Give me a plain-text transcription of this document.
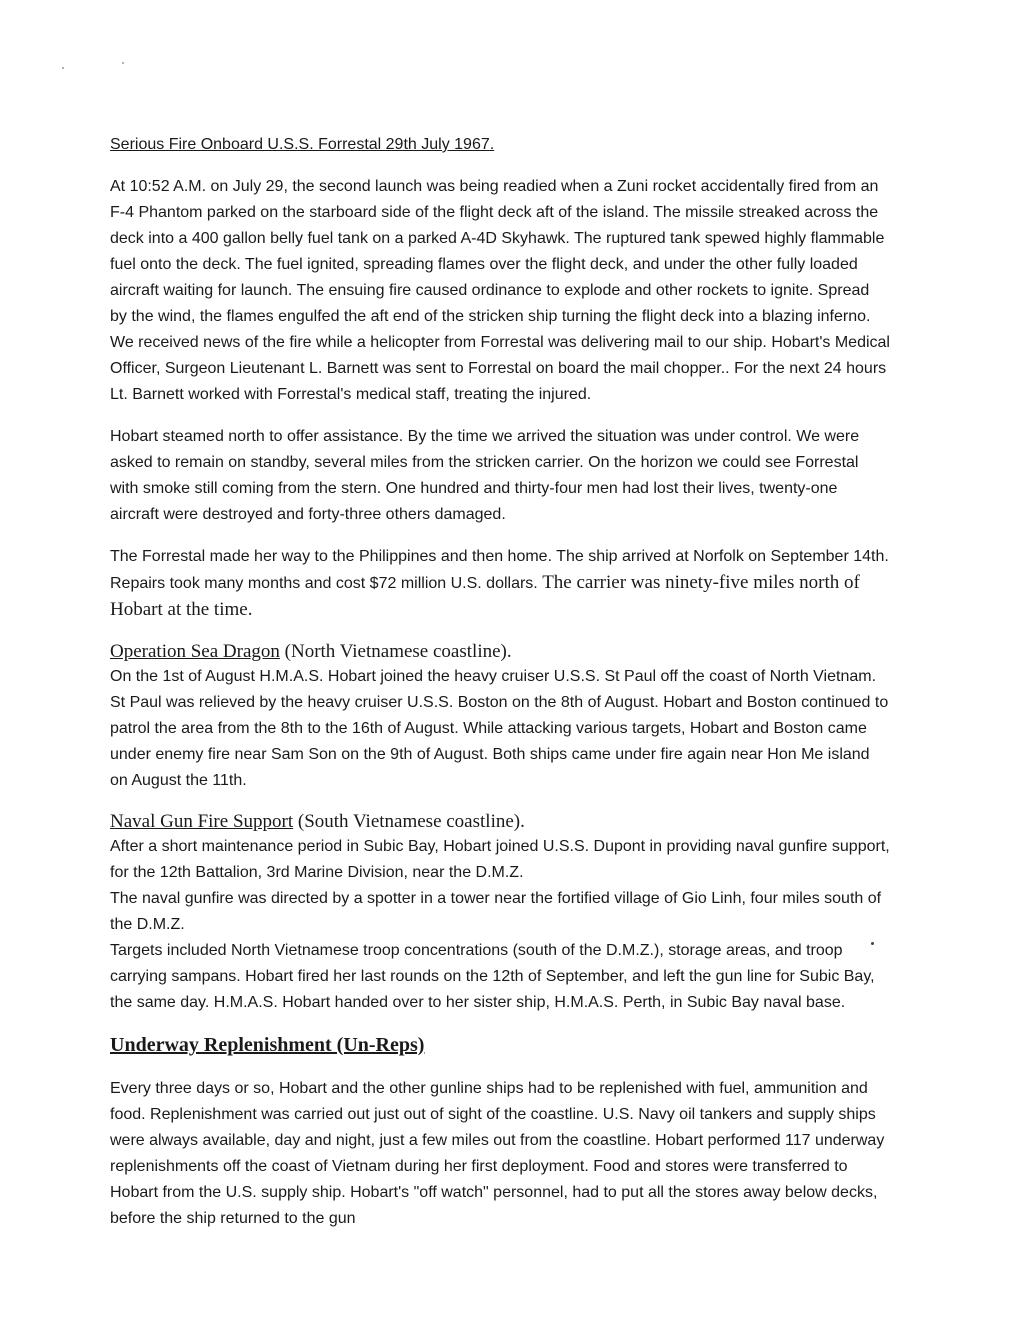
Serious Fire Onboard U.S.S. Forrestal 29th July 1967.

At 10:52 A.M. on July 29, the second launch was being readied when a Zuni rocket accidentally fired from an F-4 Phantom parked on the starboard side of the flight deck aft of the island. The missile streaked across the deck into a 400 gallon belly fuel tank on a parked A-4D Skyhawk. The ruptured tank spewed highly flammable fuel onto the deck. The fuel ignited, spreading flames over the flight deck, and under the other fully loaded aircraft waiting for launch. The ensuing fire caused ordinance to explode and other rockets to ignite. Spread by the wind, the flames engulfed the aft end of the stricken ship turning the flight deck into a blazing inferno. We received news of the fire while a helicopter from Forrestal was delivering mail to our ship. Hobart's Medical Officer, Surgeon Lieutenant L. Barnett was sent to Forrestal on board the mail chopper.. For the next 24 hours Lt. Barnett worked with Forrestal's medical staff, treating the injured.

Hobart steamed north to offer assistance. By the time we arrived the situation was under control. We were asked to remain on standby, several miles from the stricken carrier. On the horizon we could see Forrestal with smoke still coming from the stern. One hundred and thirty-four men had lost their lives, twenty-one aircraft were destroyed and forty-three others damaged.

The Forrestal made her way to the Philippines and then home. The ship arrived at Norfolk on September 14th. Repairs took many months and cost $72 million U.S. dollars. The carrier was ninety-five miles north of Hobart at the time.

Operation Sea Dragon (North Vietnamese coastline).

On the 1st of August H.M.A.S. Hobart joined the heavy cruiser U.S.S. St Paul off the coast of North Vietnam. St Paul was relieved by the heavy cruiser U.S.S. Boston on the 8th of August. Hobart and Boston continued to patrol the area from the 8th to the 16th of August. While attacking various targets, Hobart and Boston came under enemy fire near Sam Son on the 9th of August. Both ships came under fire again near Hon Me island on August the 11th.

Naval Gun Fire Support (South Vietnamese coastline).

After a short maintenance period in Subic Bay, Hobart joined U.S.S. Dupont in providing naval gunfire support, for the 12th Battalion, 3rd Marine Division, near the D.M.Z.

The naval gunfire was directed by a spotter in a tower near the fortified village of Gio Linh, four miles south of the D.M.Z.

Targets included North Vietnamese troop concentrations (south of the D.M.Z.), storage areas, and troop carrying sampans. Hobart fired her last rounds on the 12th of September, and left the gun line for Subic Bay, the same day. H.M.A.S. Hobart handed over to her sister ship, H.M.A.S. Perth, in Subic Bay naval base.

Underway Replenishment (Un-Reps)

Every three days or so, Hobart and the other gunline ships had to be replenished with fuel, ammunition and food. Replenishment was carried out just out of sight of the coastline. U.S. Navy oil tankers and supply ships were always available, day and night, just a few miles out from the coastline. Hobart performed 117 underway replenishments off the coast of Vietnam during her first deployment. Food and stores were transferred to Hobart from the U.S. supply ship. Hobart's "off watch" personnel, had to put all the stores away below decks, before the ship returned to the gun
